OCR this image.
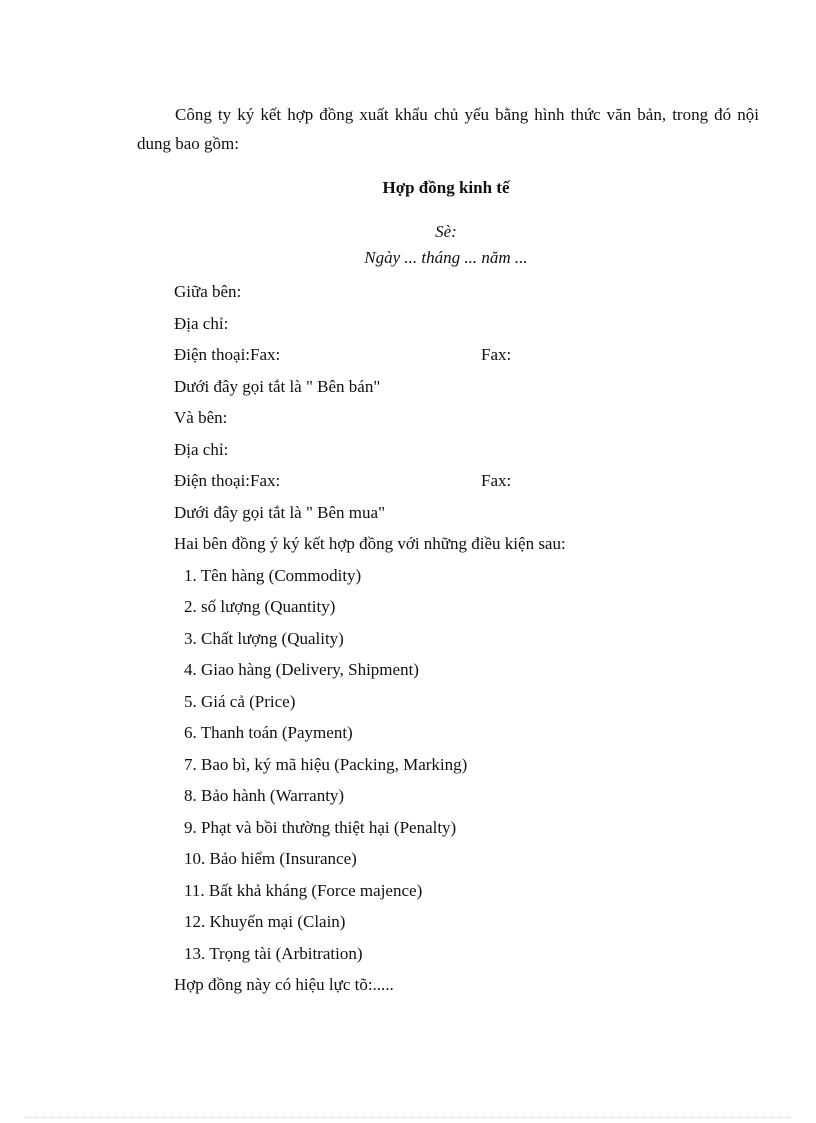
Công ty ký kết hợp đồng xuất khẩu chủ yếu bằng hình thức văn bản, trong đó nội dung bao gồm:

Hợp đồng kinh tế

Sè:

Ngày ... tháng ... năm ...

Giữa bên:
Địa chỉ:
Điện thoại:Fax:	Fax:
Dưới đây gọi tắt là " Bên bán"
Và bên:
Địa chỉ:
Điện thoại:Fax:	Fax:
Dưới đây gọi tắt là " Bên mua"
Hai bên đồng ý ký kết hợp đồng với những điều kiện sau:
1. Tên hàng (Commodity)
2. số lượng (Quantity)
3. Chất lượng (Quality)
4. Giao hàng (Delivery, Shipment)
5. Giá cả (Price)
6. Thanh toán (Payment)
7. Bao bì, ký mã hiệu (Packing, Marking)
8. Bảo hành (Warranty)
9. Phạt và bồi thường thiệt hại (Penalty)
10. Bảo hiểm (Insurance)
11. Bất khả kháng (Force majence)
12. Khuyến mại (Clain)
13. Trọng tài (Arbitration)
Hợp đồng này có hiệu lực tõ:.....
